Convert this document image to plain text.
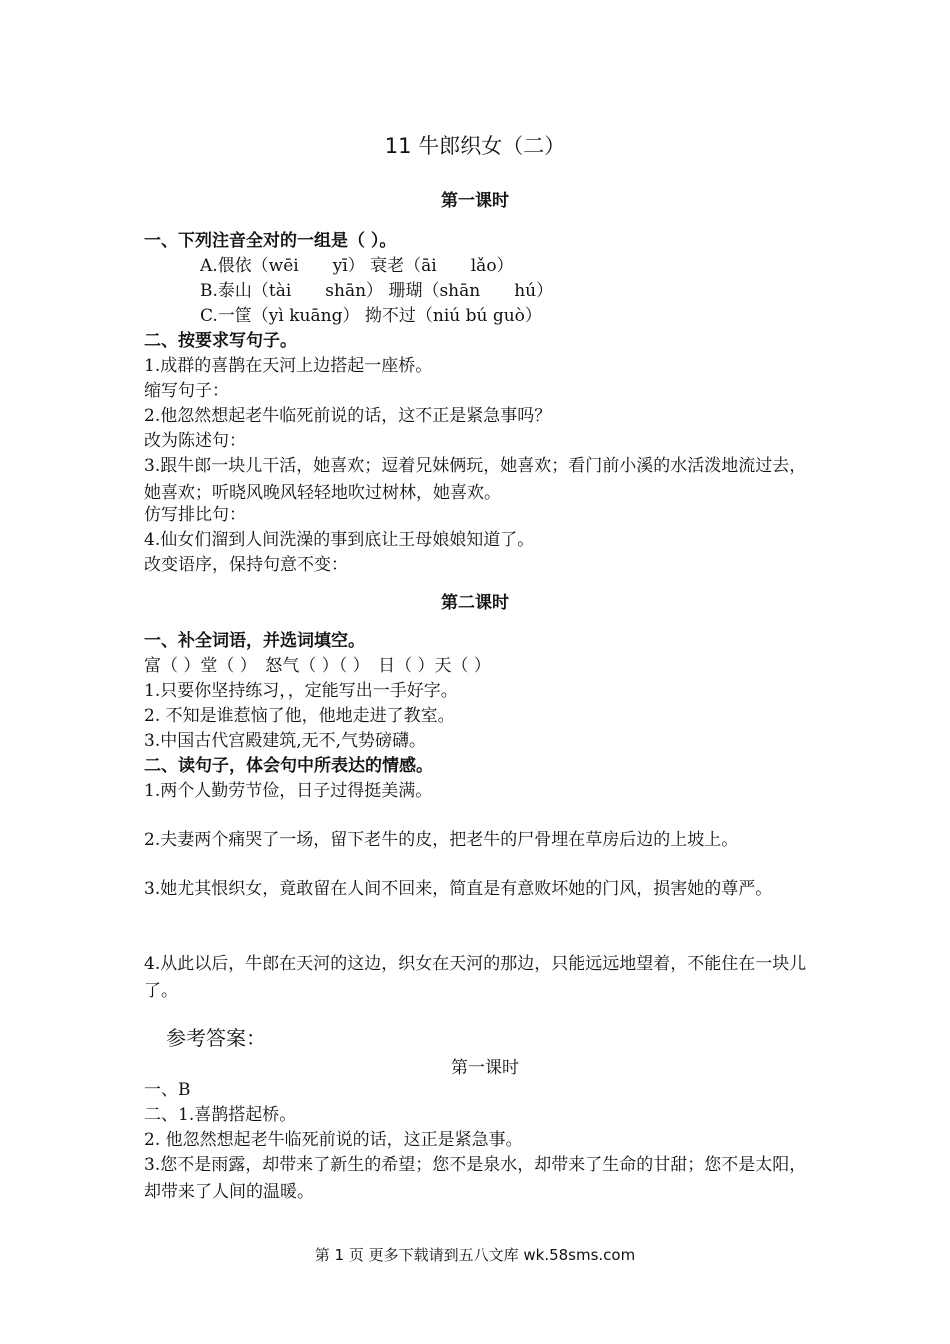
11 牛郎织女（二）
第一课时
一、下列注音全对的一组是（ ）。
A.偎依（wēi　　yī） 衰老（āi　　lǎo）
B.泰山（tài　　shān） 珊瑚（shān　　hú）
C.一筐（yì kuāng） 拗不过（niú bú guò）
二、按要求写句子。
1.成群的喜鹊在天河上边搭起一座桥。
缩写句子：
2.他忽然想起老牛临死前说的话，这不正是紧急事吗？
改为陈述句：
3.跟牛郎一块儿干活，她喜欢；逗着兄妹俩玩，她喜欢；看门前小溪的水活泼地流过去，她喜欢；听晓风晚风轻轻地吹过树林，她喜欢。
仿写排比句：
4.仙女们溜到人间洗澡的事到底让王母娘娘知道了。
改变语序，保持句意不变：
第二课时
一、补全词语，并选词填空。
富（ ）堂（ ）　怒气（ ）（ ）　日（ ）天（ ）
1.只要你坚持练习，，定能写出一手好字。
2. 不知是谁惹恼了他，他地走进了教室。
3.中国古代宫殿建筑,无不,气势磅礴。
二、读句子，体会句中所表达的情感。
1.两个人勤劳节俭，日子过得挺美满。
2.夫妻两个痛哭了一场，留下老牛的皮，把老牛的尸骨埋在草房后边的上坡上。
3.她尤其恨织女，竟敢留在人间不回来，简直是有意败坏她的门风，损害她的尊严。
4.从此以后，牛郎在天河的这边，织女在天河的那边，只能远远地望着，不能住在一块儿了。
参考答案：
第一课时
一、B
二、1.喜鹊搭起桥。
2. 他忽然想起老牛临死前说的话，这正是紧急事。
3.您不是雨露，却带来了新生的希望；您不是泉水，却带来了生命的甘甜；您不是太阳，却带来了人间的温暖。
第 1 页 更多下载请到五八文库 wk.58sms.com
